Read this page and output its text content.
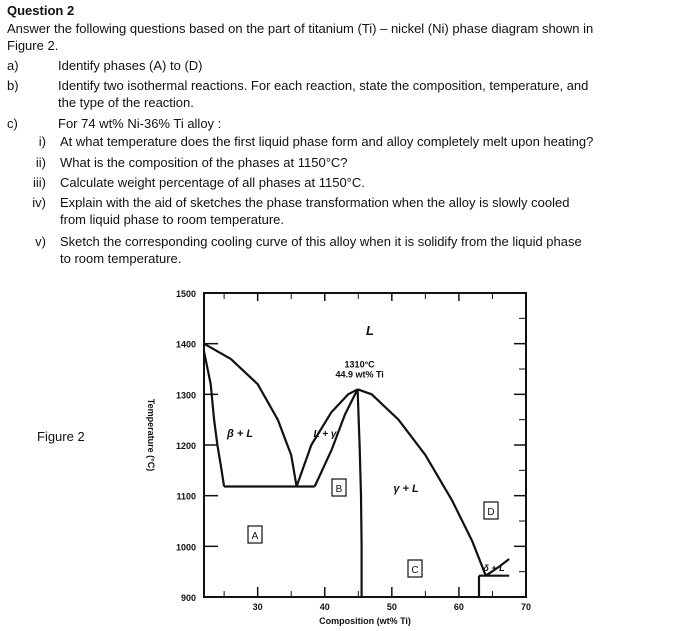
Question 2
Answer the following questions based on the part of titanium (Ti) – nickel (Ni) phase diagram shown in
Figure 2.
a)	Identify phases (A) to (D)
b)	Identify two isothermal reactions. For each reaction, state the composition, temperature, and
the type of the reaction.
c)	For 74 wt% Ni-36% Ti alloy :
i) At what temperature does the first liquid phase form and alloy completely melt upon heating?
ii) What is the composition of the phases at 1150°C?
iii) Calculate weight percentage of all phases at 1150°C.
iv) Explain with the aid of sketches the phase transformation when the alloy is slowly cooled
from liquid phase to room temperature.
v) Sketch the corresponding cooling curve of this alloy when it is solidify from the liquid phase
to room temperature.
Figure 2
900
1000
1100
1200
1300
1400
1500
30	40	50	60	70
Composition (wt% Ti)
Temperature (°C)
1310°C
44.9 wt% Ti
L
β + L	L + γ
γ + L
δ + L
A
B
C
D
